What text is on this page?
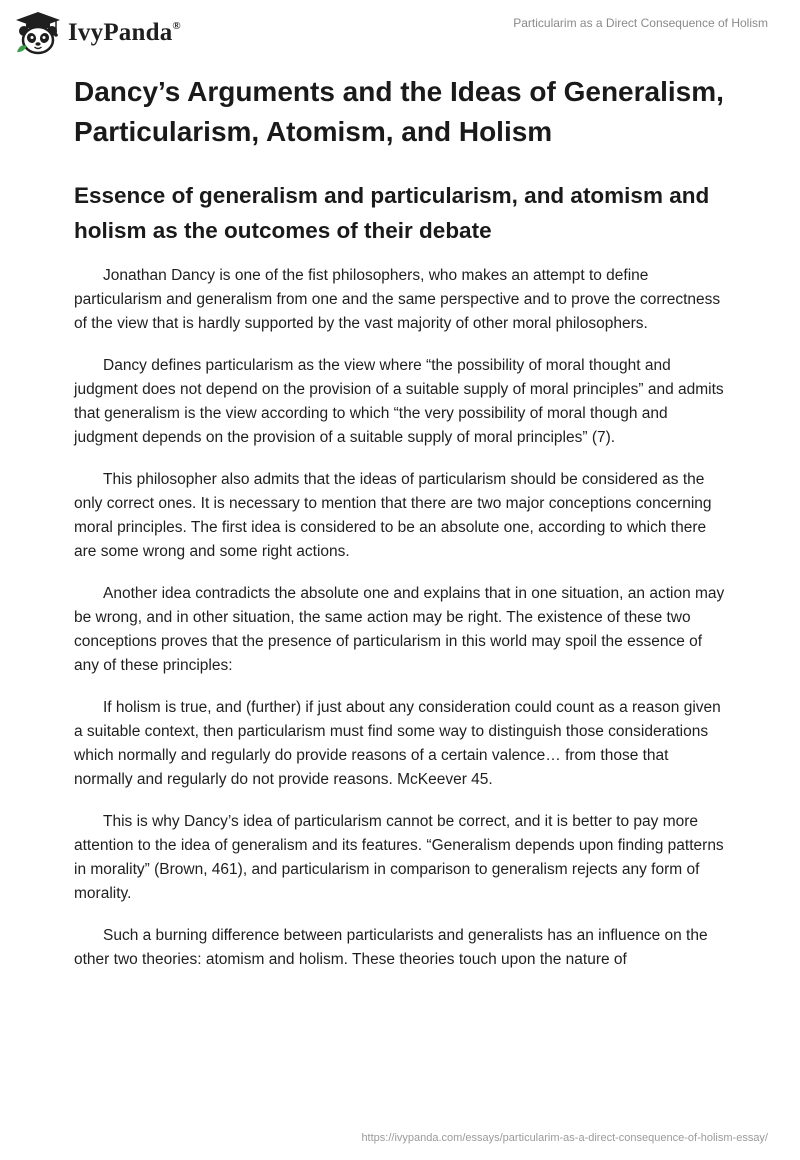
IvyPanda®	Particularim as a Direct Consequence of Holism
Dancy’s Arguments and the Ideas of Generalism, Particularism, Atomism, and Holism
Essence of generalism and particularism, and atomism and holism as the outcomes of their debate

Jonathan Dancy is one of the fist philosophers, who makes an attempt to define particularism and generalism from one and the same perspective and to prove the correctness of the view that is hardly supported by the vast majority of other moral philosophers.

Dancy defines particularism as the view where “the possibility of moral thought and judgment does not depend on the provision of a suitable supply of moral principles” and admits that generalism is the view according to which “the very possibility of moral though and judgment depends on the provision of a suitable supply of moral principles” (7).

This philosopher also admits that the ideas of particularism should be considered as the only correct ones. It is necessary to mention that there are two major conceptions concerning moral principles. The first idea is considered to be an absolute one, according to which there are some wrong and some right actions.

Another idea contradicts the absolute one and explains that in one situation, an action may be wrong, and in other situation, the same action may be right. The existence of these two conceptions proves that the presence of particularism in this world may spoil the essence of any of these principles:

If holism is true, and (further) if just about any consideration could count as a reason given a suitable context, then particularism must find some way to distinguish those considerations which normally and regularly do provide reasons of a certain valence… from those that normally and regularly do not provide reasons. McKeever 45.

This is why Dancy’s idea of particularism cannot be correct, and it is better to pay more attention to the idea of generalism and its features. “Generalism depends upon finding patterns in morality” (Brown, 461), and particularism in comparison to generalism rejects any form of morality.

Such a burning difference between particularists and generalists has an influence on the other two theories: atomism and holism. These theories touch upon the nature of

https://ivypanda.com/essays/particularim-as-a-direct-consequence-of-holism-essay/
